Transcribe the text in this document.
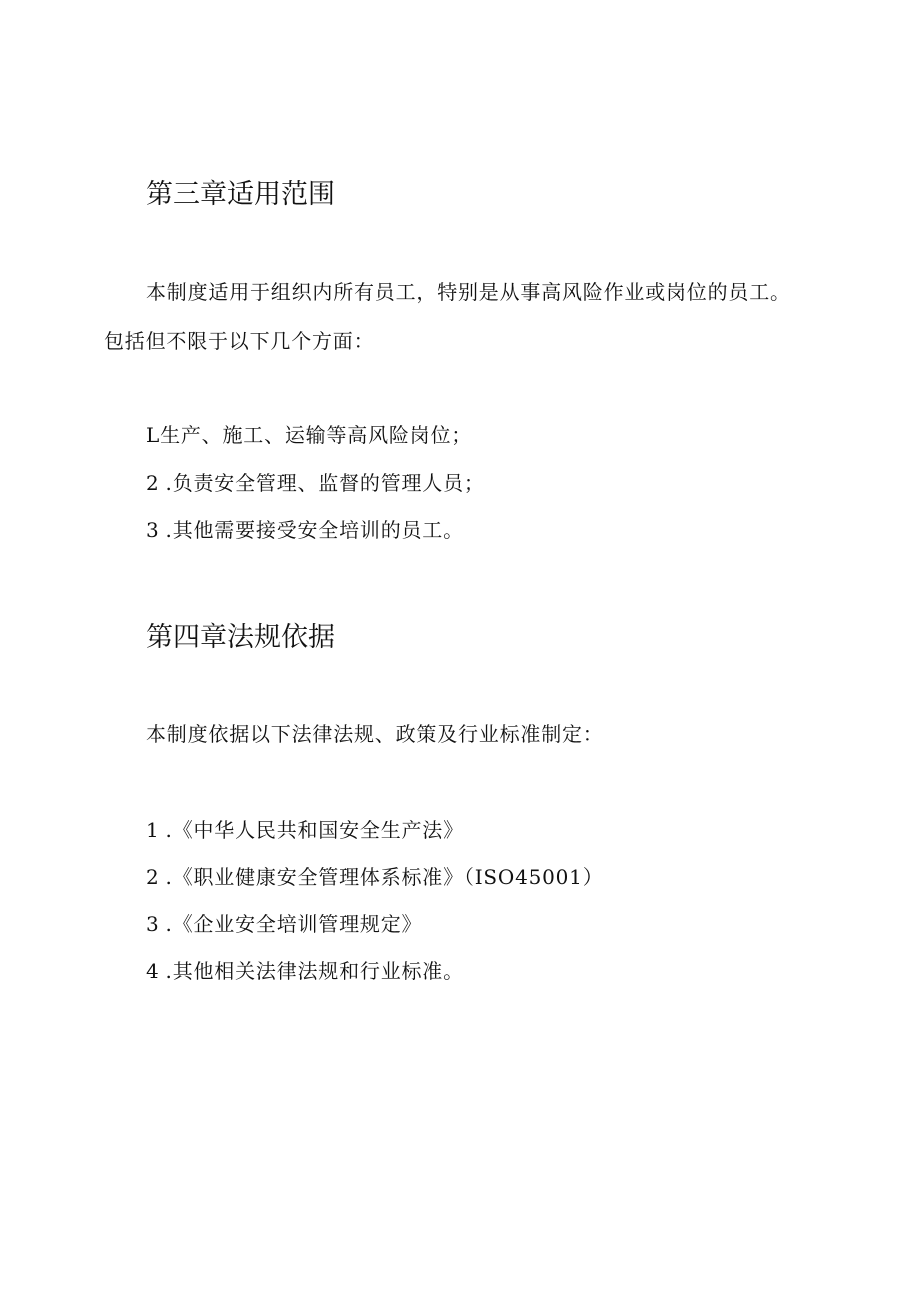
第三章适用范围

本制度适用于组织内所有员工，特别是从事高风险作业或岗位的员工。

包括但不限于以下几个方面：

L生产、施工、运输等高风险岗位；

2 .负责安全管理、监督的管理人员；

3 .其他需要接受安全培训的员工。

第四章法规依据

本制度依据以下法律法规、政策及行业标准制定：

1 .《中华人民共和国安全生产法》

2 .《职业健康安全管理体系标准》（ISO45001）

3 .《企业安全培训管理规定》

4 .其他相关法律法规和行业标准。
